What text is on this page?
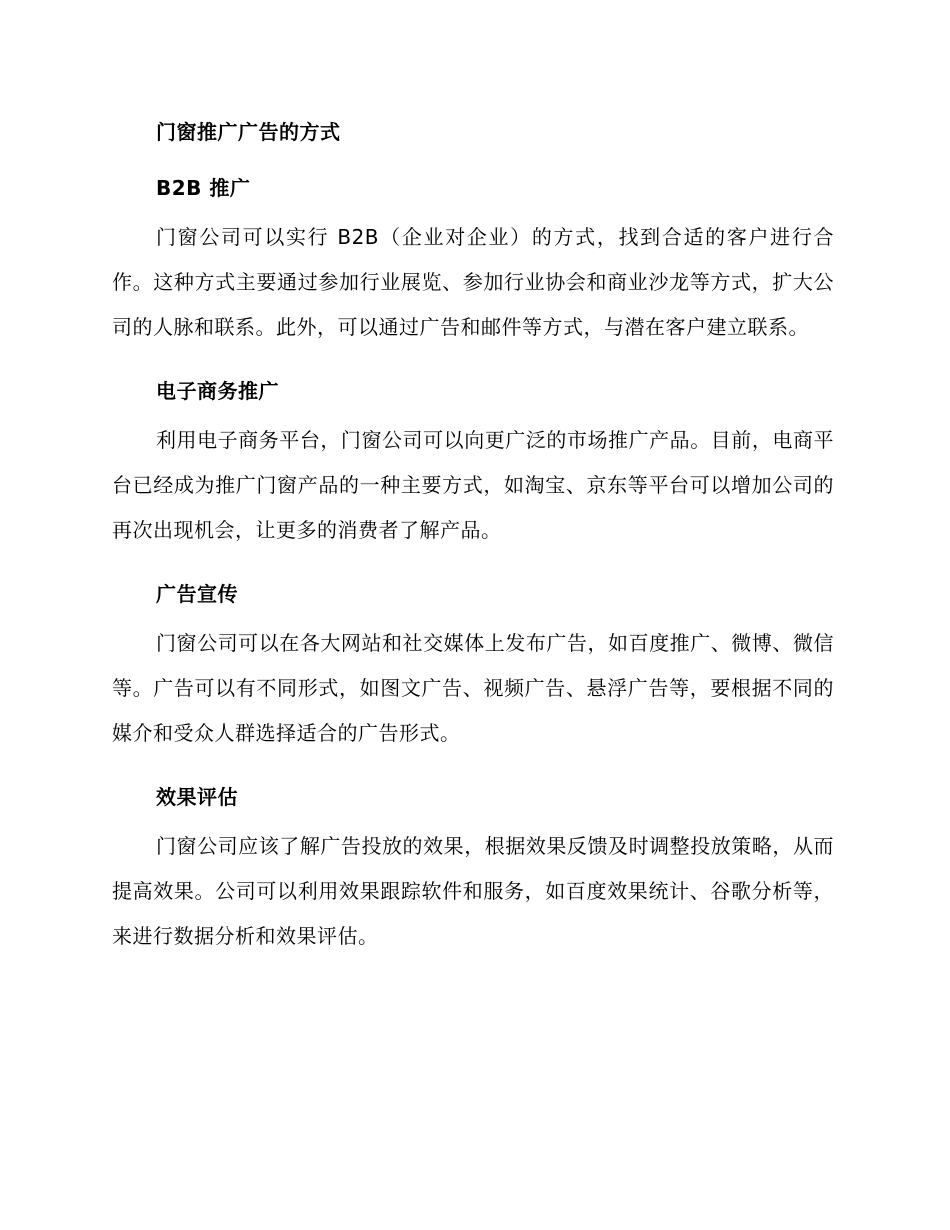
门窗推广广告的方式
B2B 推广

门窗公司可以实行 B2B（企业对企业）的方式，找到合适的客户进行合作。这种方式主要通过参加行业展览、参加行业协会和商业沙龙等方式，扩大公司的人脉和联系。此外，可以通过广告和邮件等方式，与潜在客户建立联系。

电子商务推广

利用电子商务平台，门窗公司可以向更广泛的市场推广产品。目前，电商平台已经成为推广门窗产品的一种主要方式，如淘宝、京东等平台可以增加公司的再次出现机会，让更多的消费者了解产品。

广告宣传

门窗公司可以在各大网站和社交媒体上发布广告，如百度推广、微博、微信等。广告可以有不同形式，如图文广告、视频广告、悬浮广告等，要根据不同的媒介和受众人群选择适合的广告形式。

效果评估

门窗公司应该了解广告投放的效果，根据效果反馈及时调整投放策略，从而提高效果。公司可以利用效果跟踪软件和服务，如百度效果统计、谷歌分析等，来进行数据分析和效果评估。
